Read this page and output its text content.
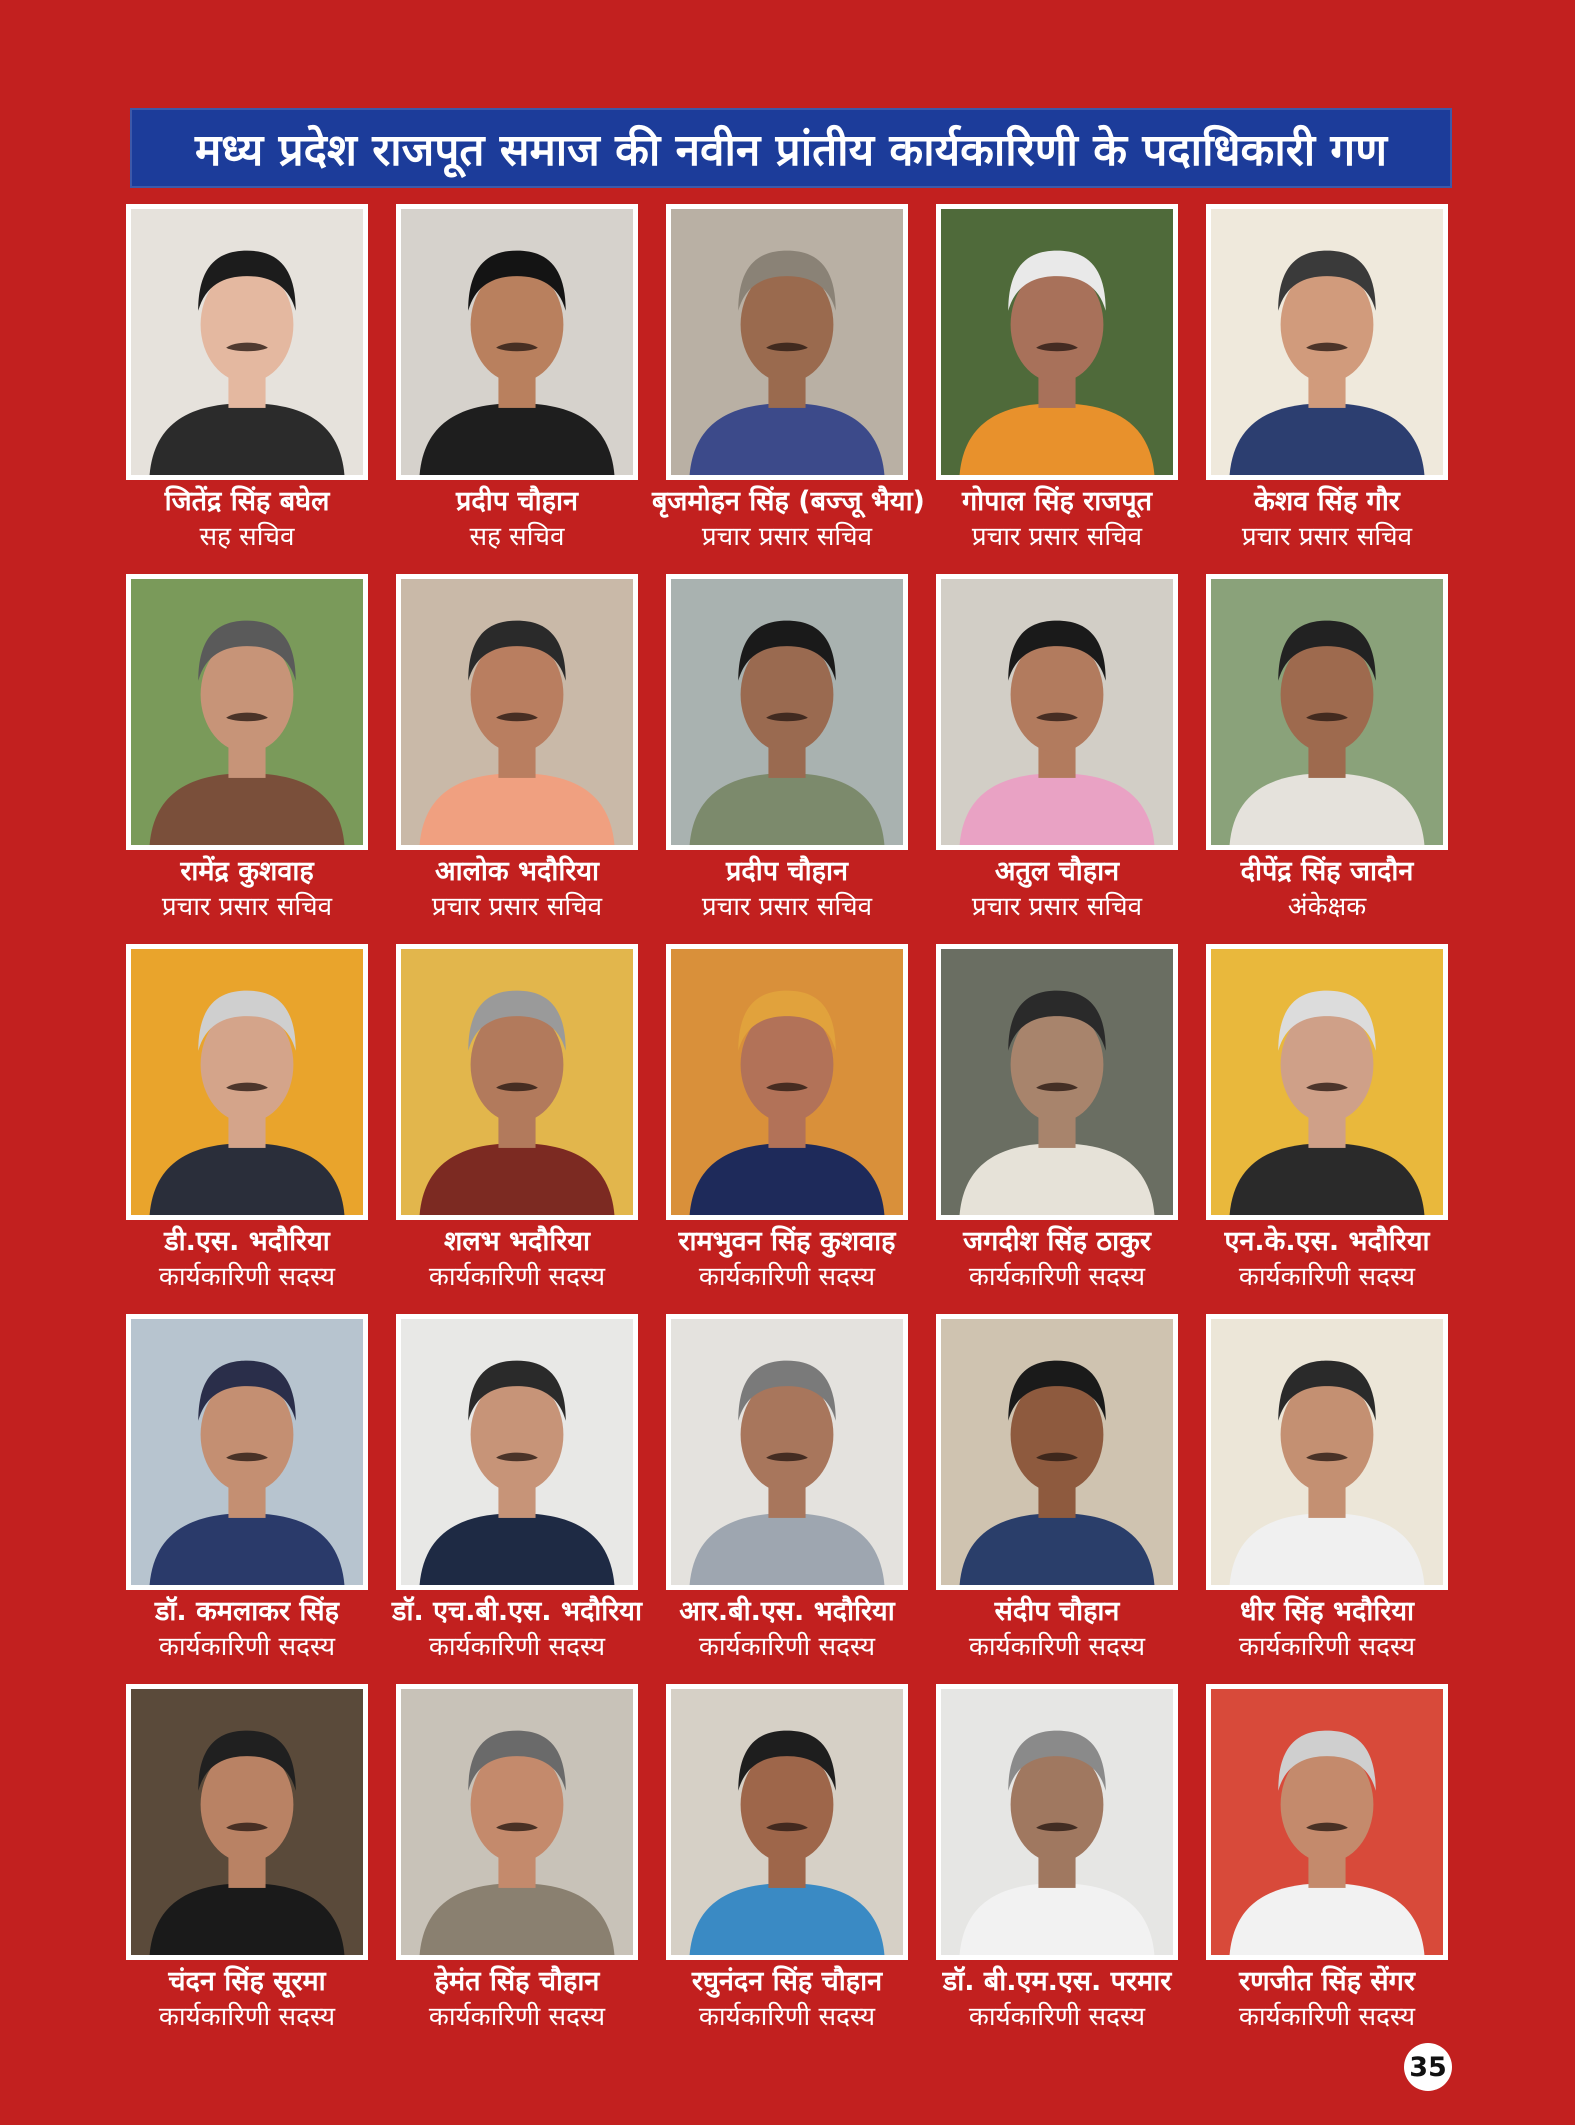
मध्य प्रदेश राजपूत समाज की नवीन प्रांतीय कार्यकारिणी के पदाधिकारी गण
जितेंद्र सिंह बघेल
सह सचिव
प्रदीप चौहान
सह सचिव
बृजमोहन सिंह (बज्जू भैया)
प्रचार प्रसार सचिव
गोपाल सिंह राजपूत
प्रचार प्रसार सचिव
केशव सिंह गौर
प्रचार प्रसार सचिव
रामेंद्र कुशवाह
प्रचार प्रसार सचिव
आलोक भदौरिया
प्रचार प्रसार सचिव
प्रदीप चौहान
प्रचार प्रसार सचिव
अतुल चौहान
प्रचार प्रसार सचिव
दीपेंद्र सिंह जादौन
अंकेक्षक
डी.एस. भदौरिया
कार्यकारिणी सदस्य
शलभ भदौरिया
कार्यकारिणी सदस्य
रामभुवन सिंह कुशवाह
कार्यकारिणी सदस्य
जगदीश सिंह ठाकुर
कार्यकारिणी सदस्य
एन.के.एस. भदौरिया
कार्यकारिणी सदस्य
डॉ. कमलाकर सिंह
कार्यकारिणी सदस्य
डॉ. एच.बी.एस. भदौरिया
कार्यकारिणी सदस्य
आर.बी.एस. भदौरिया
कार्यकारिणी सदस्य
संदीप चौहान
कार्यकारिणी सदस्य
धीर सिंह भदौरिया
कार्यकारिणी सदस्य
चंदन सिंह सूरमा
कार्यकारिणी सदस्य
हेमंत सिंह चौहान
कार्यकारिणी सदस्य
रघुनंदन सिंह चौहान
कार्यकारिणी सदस्य
डॉ. बी.एम.एस. परमार
कार्यकारिणी सदस्य
रणजीत सिंह सेंगर
कार्यकारिणी सदस्य
35
